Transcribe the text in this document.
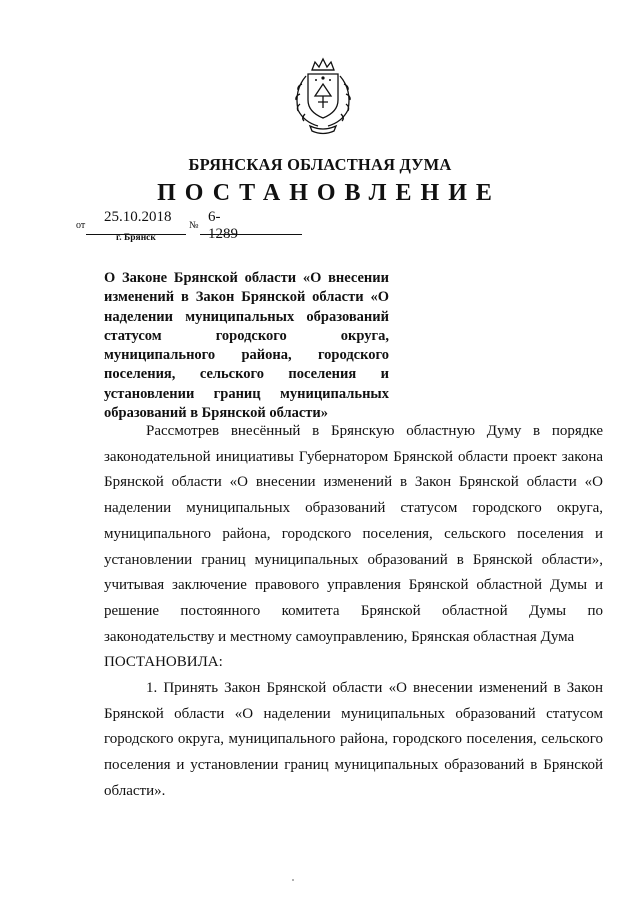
БРЯНСКАЯ ОБЛАСТНАЯ ДУМА
ПОСТАНОВЛЕНИЕ
от
25.10.2018
№
6-1289
г. Брянск
О Законе Брянской области «О внесении изменений в Закон Брянской области «О наделении муниципальных образований статусом городского округа, муниципального района, городского поселения, сельского поселения и установлении границ муниципальных образований в Брянской области»

Рассмотрев внесённый в Брянскую областную Думу в порядке законодательной инициативы Губернатором Брянской области проект закона Брянской области «О внесении изменений в Закон Брянской области «О наделении муниципальных образований статусом городского округа, муниципального района, городского поселения, сельского поселения и установлении границ муниципальных образований в Брянской области», учитывая заключение правового управления Брянской областной Думы и решение постоянного комитета Брянской областной Думы по законодательству и местному самоуправлению, Брянская областная Дума

ПОСТАНОВИЛА:

1. Принять Закон Брянской области «О внесении изменений в Закон Брянской области «О наделении муниципальных образований статусом городского округа, муниципального района, городского поселения, сельского поселения и установлении границ муниципальных образований в Брянской области».
